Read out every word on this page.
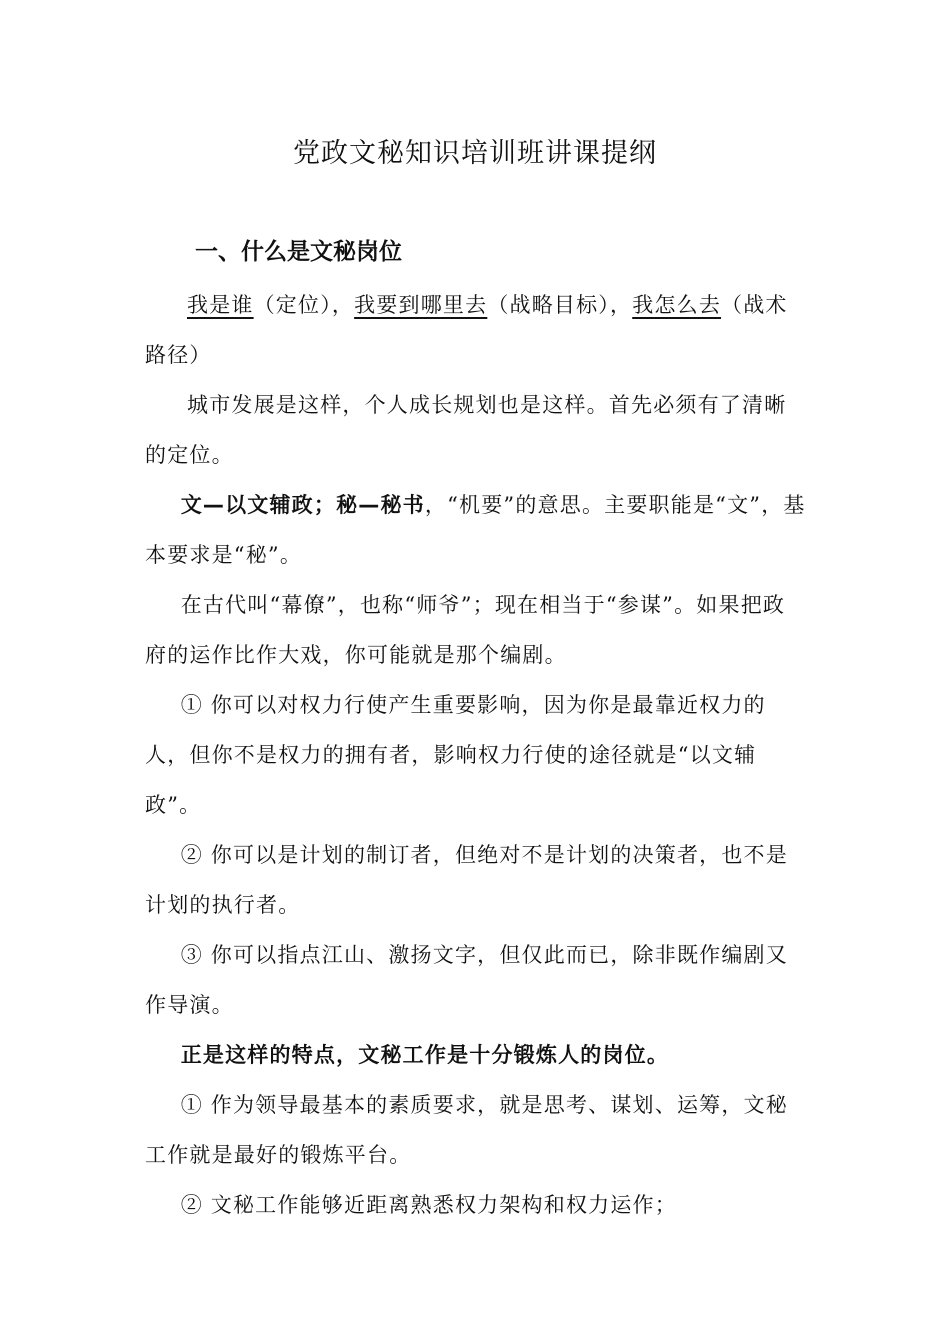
党政文秘知识培训班讲课提纲
一、什么是文秘岗位

我是谁（定位），我要到哪里去（战略目标），我怎么去（战术路径）

城市发展是这样，个人成长规划也是这样。首先必须有了清晰的定位。

文—以文辅政；秘—秘书，“机要”的意思。主要职能是“文”，基本要求是“秘”。

在古代叫“幕僚”，也称“师爷”；现在相当于“参谋”。如果把政府的运作比作大戏，你可能就是那个编剧。

① 你可以对权力行使产生重要影响，因为你是最靠近权力的人，但你不是权力的拥有者，影响权力行使的途径就是“以文辅政”。

② 你可以是计划的制订者，但绝对不是计划的决策者，也不是计划的执行者。

③ 你可以指点江山、激扬文字，但仅此而已，除非既作编剧又作导演。

正是这样的特点，文秘工作是十分锻炼人的岗位。

① 作为领导最基本的素质要求，就是思考、谋划、运筹，文秘工作就是最好的锻炼平台。

② 文秘工作能够近距离熟悉权力架构和权力运作；
